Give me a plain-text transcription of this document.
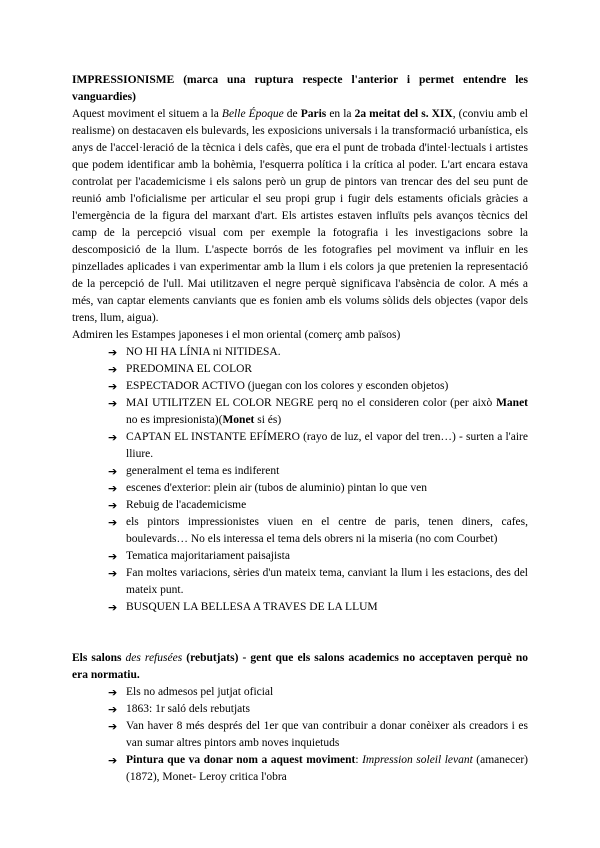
IMPRESSIONISME (marca una ruptura respecte l'anterior i permet entendre les vanguardies)

Aquest moviment el situem a la Belle Époque de Paris en la 2a meitat del s. XIX, (conviu amb el realisme) on destacaven els bulevards, les exposicions universals i la transformació urbanística, els anys de l'accel·leració de la tècnica i dels cafès, que era el punt de trobada d'intel·lectuals i artistes que podem identificar amb la bohèmia, l'esquerra política i la crítica al poder. L'art encara estava controlat per l'academicisme i els salons però un grup de pintors van trencar des del seu punt de reunió amb l'oficialisme per articular el seu propi grup i fugir dels estaments oficials gràcies a l'emergència de la figura del marxant d'art. Els artistes estaven influïts pels avanços tècnics del camp de la percepció visual com per exemple la fotografia i les investigacions sobre la descomposició de la llum. L'aspecte borrós de les fotografies pel moviment va influir en les pinzellades aplicades i van experimentar amb la llum i els colors ja que pretenien la representació de la percepció de l'ull. Mai utilitzaven el negre perquè significava l'absència de color. A més a més, van captar elements canviants que es fonien amb els volums sòlids dels objectes (vapor dels trens, llum, aigua).

Admiren les Estampes japoneses i el mon oriental (comerç amb països)

➔ NO HI HA LÍNIA ni NITIDESA.
➔ PREDOMINA EL COLOR
➔ ESPECTADOR ACTIVO (juegan con los colores y esconden objetos)
➔ MAI UTILITZEN EL COLOR NEGRE perq no el consideren color (per això Manet no es impresionista)(Monet si és)
➔ CAPTAN EL INSTANTE EFÍMERO (rayo de luz, el vapor del tren…) - surten a l'aire lliure.
➔ generalment el tema es indiferent
➔ escenes d'exterior: plein air (tubos de aluminio) pintan lo que ven
➔ Rebuig de l'academicisme
➔ els pintors impressionistes viuen en el centre de paris, tenen diners, cafes, boulevards… No els interessa el tema dels obrers ni la miseria (no com Courbet)
➔ Tematica majoritariament paisajista
➔ Fan moltes variacions, sèries d'un mateix tema, canviant la llum i les estacions, des del mateix punt.
➔ BUSQUEN LA BELLESA A TRAVES DE LA LLUM

Els salons des refusées (rebutjats) - gent que els salons academics no acceptaven perquè no era normatiu.

➔ Els no admesos pel jutjat oficial
➔ 1863: 1r saló dels rebutjats
➔ Van haver 8 més després del 1er que van contribuir a donar conèixer als creadors i es van sumar altres pintors amb noves inquietuds
➔ Pintura que va donar nom a aquest moviment: Impression soleil levant (amanecer)(1872), Monet- Leroy critica l'obra
